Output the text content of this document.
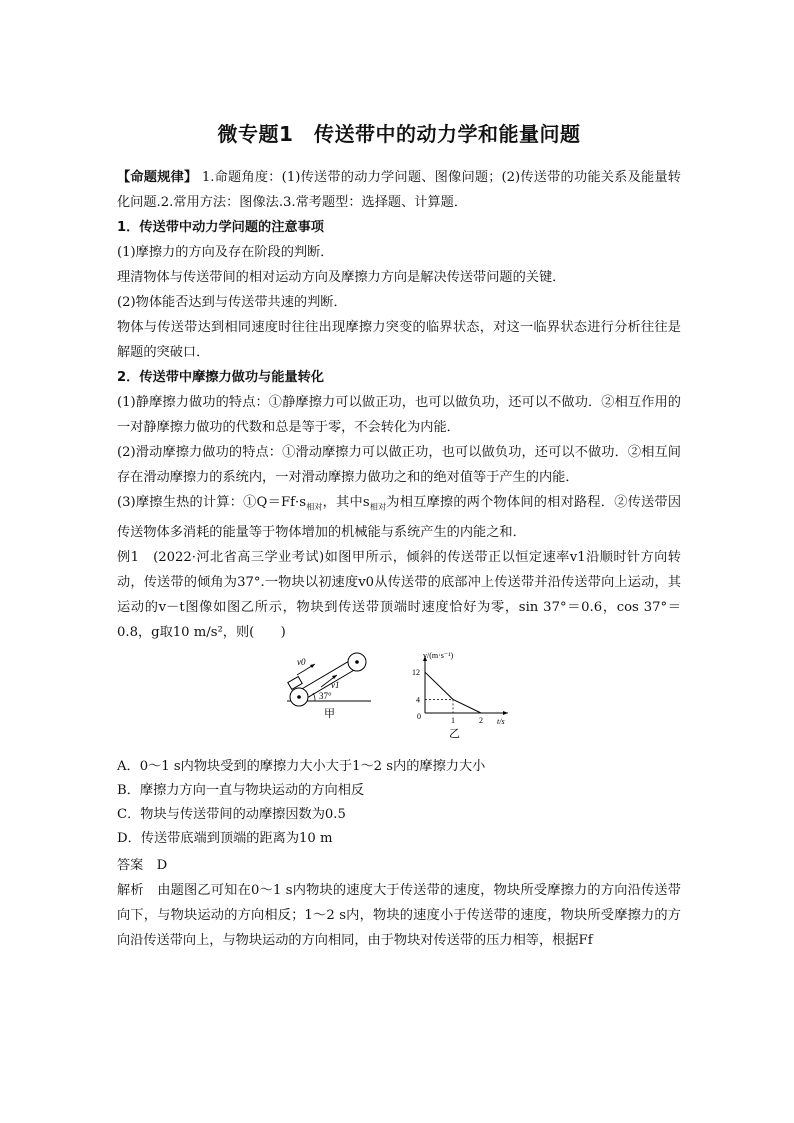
微专题1　传送带中的动力学和能量问题

【命题规律】 1.命题角度：(1)传送带的动力学问题、图像问题；(2)传送带的功能关系及能量转化问题.2.常用方法：图像法.3.常考题型：选择题、计算题．

1．传送带中动力学问题的注意事项

(1)摩擦力的方向及存在阶段的判断．

理清物体与传送带间的相对运动方向及摩擦力方向是解决传送带问题的关键．

(2)物体能否达到与传送带共速的判断．

物体与传送带达到相同速度时往往出现摩擦力突变的临界状态，对这一临界状态进行分析往往是解题的突破口．

2．传送带中摩擦力做功与能量转化

(1)静摩擦力做功的特点：①静摩擦力可以做正功，也可以做负功，还可以不做功．②相互作用的一对静摩擦力做功的代数和总是等于零，不会转化为内能．

(2)滑动摩擦力做功的特点：①滑动摩擦力可以做正功，也可以做负功，还可以不做功．②相互间存在滑动摩擦力的系统内，一对滑动摩擦力做功之和的绝对值等于产生的内能．

(3)摩擦生热的计算：$①Q=Ff\cdot s_{相对}$，其中$s_{相对}$为相互摩擦的两个物体间的相对路程．②传送带因传送物体多消耗的能量等于物体增加的机械能与系统产生的内能之和．

例1　(2022·河北省高三学业考试)如图甲所示，倾斜的传送带正以恒定速率v1沿顺时针方向转动，传送带的倾角为37°.一物块以初速度v0从传送带的底部冲上传送带并沿传送带向上运动，其运动的v－t图像如图乙所示，物块到传送带顶端时速度恰好为零，sin 37°＝0.6，cos 37°＝0.8，g取10 m/s²，则(　　)

v0
v1
37°
甲
v/(m·s⁻¹)
t/s
0
12
4
1	2
乙

A．0～1 s内物块受到的摩擦力大小大于1～2 s内的摩擦力大小

B．摩擦力方向一直与物块运动的方向相反

C．物块与传送带间的动摩擦因数为0.5

D．传送带底端到顶端的距离为10 m

答案　 D

解析　由题图乙可知在0～1 s内物块的速度大于传送带的速度，物块所受摩擦力的方向沿传送带向下，与物块运动的方向相反；1～2 s内，物块的速度小于传送带的速度，物块所受摩擦力的方向沿传送带向上，与物块运动的方向相同，由于物块对传送带的压力相等，根据Ff
